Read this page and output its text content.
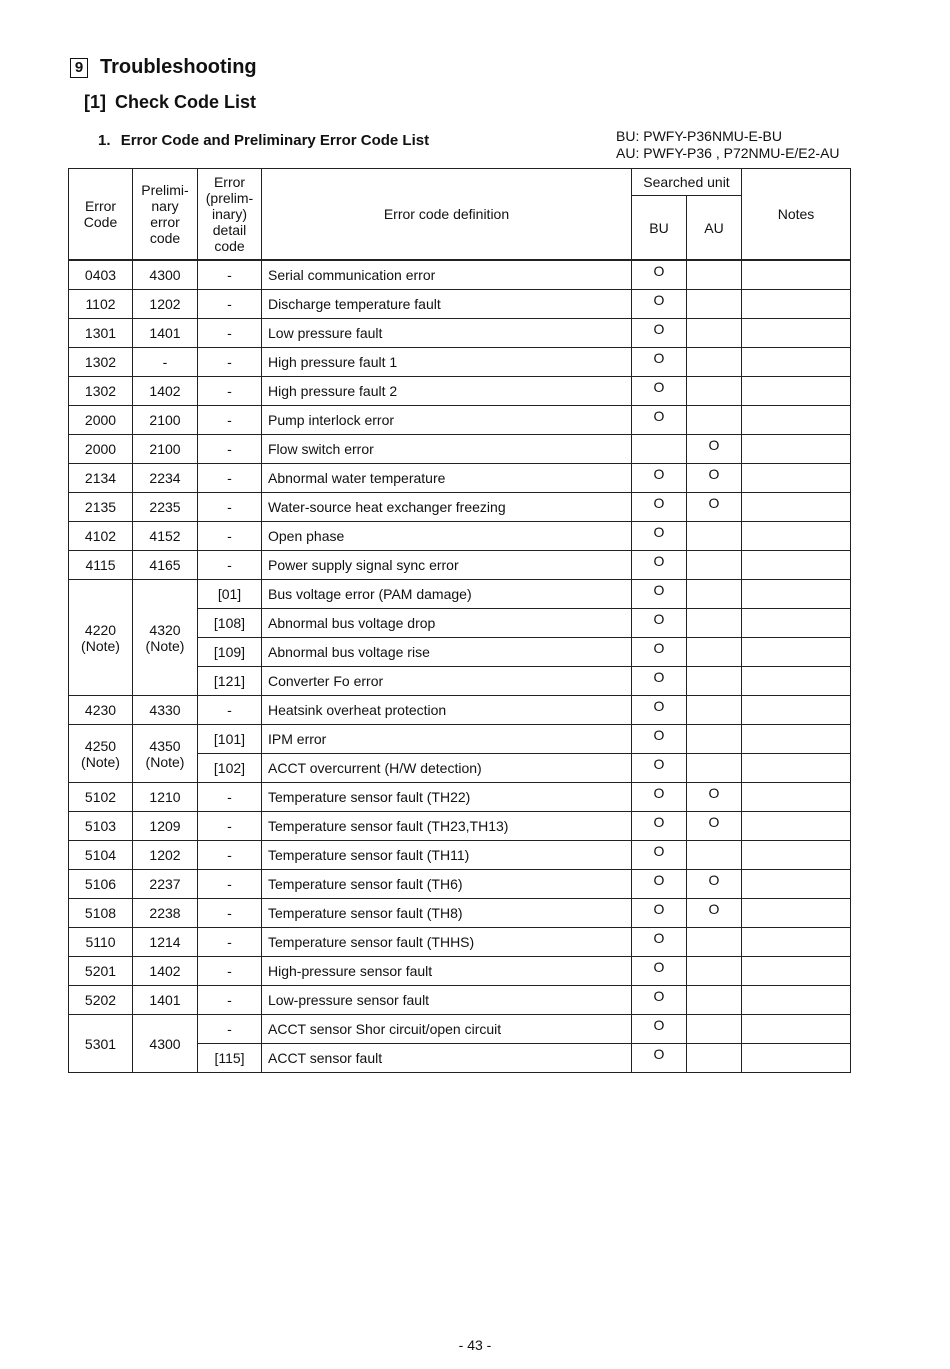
9 Troubleshooting
[1] Check Code List
1. Error Code and Preliminary Error Code List	BU: PWFY-P36NMU-E-BU
AU: PWFY-P36 , P72NMU-E/E2-AU
Error
Code	Prelimi-
nary
error
code	Error
(prelim-
inary)
detail
code	Error code definition	Searched unit		Notes
				BU	AU	
0403	4300	-	Serial communication error	O		
1102	1202	-	Discharge temperature fault	O		
1301	1401	-	Low pressure fault	O		
1302	-	-	High pressure fault 1	O		
1302	1402	-	High pressure fault 2	O		
2000	2100	-	Pump interlock error	O		
2000	2100	-	Flow switch error		O	
2134	2234	-	Abnormal water temperature	O	O	
2135	2235	-	Water-source heat exchanger freezing	O	O	
4102	4152	-	Open phase	O		
4115	4165	-	Power supply signal sync error	O		
4220
(Note)	4320
(Note)	[01]	Bus voltage error (PAM damage)	O		
		[108]	Abnormal bus voltage drop	O		
		[109]	Abnormal bus voltage rise	O		
		[121]	Converter Fo error	O		
4230	4330	-	Heatsink overheat protection	O		
4250
(Note)	4350
(Note)	[101]	IPM error	O		
		[102]	ACCT overcurrent (H/W detection)	O		
5102	1210	-	Temperature sensor fault (TH22)	O	O	
5103	1209	-	Temperature sensor fault (TH23,TH13)	O	O	
5104	1202	-	Temperature sensor fault (TH11)	O		
5106	2237	-	Temperature sensor fault (TH6)	O	O	
5108	2238	-	Temperature sensor fault (TH8)	O	O	
5110	1214	-	Temperature sensor fault (THHS)	O		
5201	1402	-	High-pressure sensor fault	O		
5202	1401	-	Low-pressure sensor fault	O		
5301	4300	-	ACCT sensor Shor circuit/open circuit	O		
		[115]	ACCT sensor fault	O		
- 43 -
